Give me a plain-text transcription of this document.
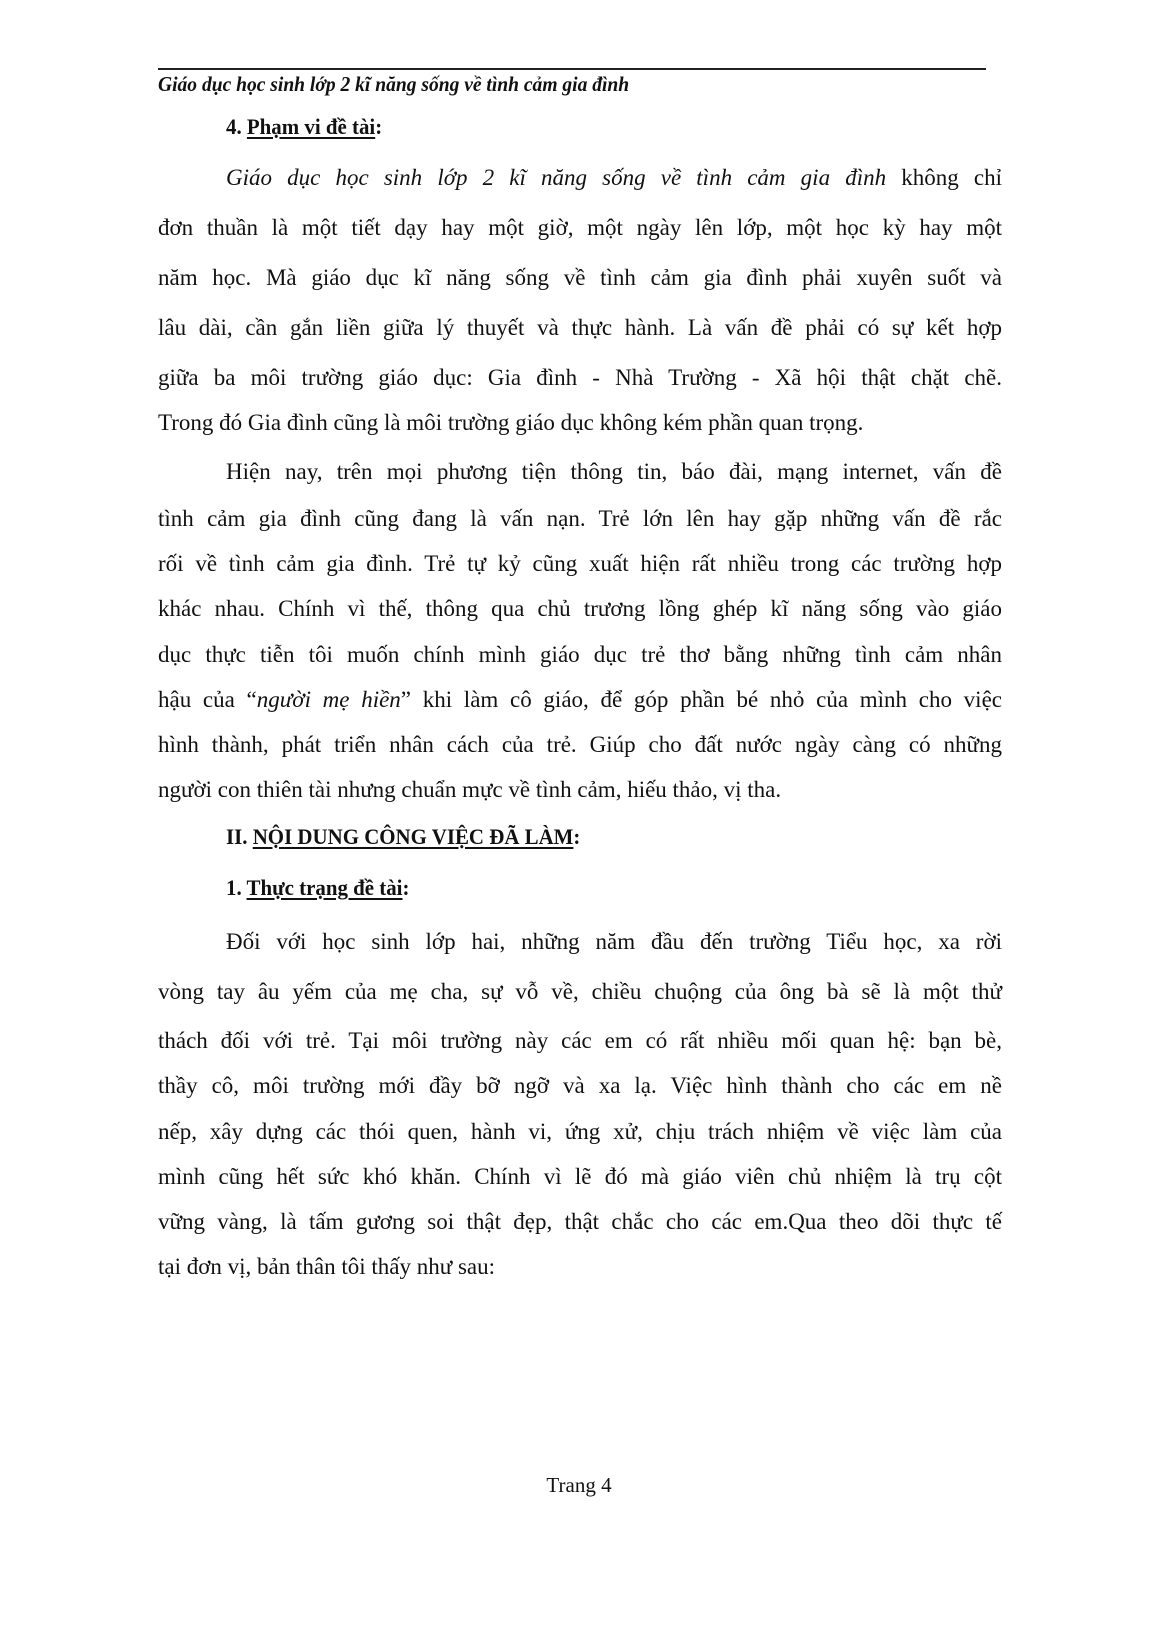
Giáo dục học sinh lớp 2 kĩ năng sống về tình cảm gia đình
4. Phạm vi đề tài:
Giáo dục học sinh lớp 2 kĩ năng sống về tình cảm gia đình không chỉ
đơn thuần là một tiết dạy hay một giờ, một ngày lên lớp, một học kỳ hay một
năm học. Mà giáo dục kĩ năng sống về tình cảm gia đình phải xuyên suốt và
lâu dài, cần gắn liền giữa lý thuyết và thực hành. Là vấn đề phải có sự kết hợp
giữa ba môi trường giáo dục: Gia đình - Nhà Trường - Xã hội thật chặt chẽ.
Trong đó Gia đình cũng là môi trường giáo dục không kém phần quan trọng.
Hiện nay, trên mọi phương tiện thông tin, báo đài, mạng internet, vấn đề
tình cảm gia đình cũng đang là vấn nạn. Trẻ lớn lên hay gặp những vấn đề rắc
rối về tình cảm gia đình. Trẻ tự kỷ cũng xuất hiện rất nhiều trong các trường hợp
khác nhau. Chính vì thế, thông qua chủ trương lồng ghép kĩ năng sống vào giáo
dục thực tiễn tôi muốn chính mình giáo dục trẻ thơ bằng những tình cảm nhân
hậu của “người mẹ hiền” khi làm cô giáo, để góp phần bé nhỏ của mình cho việc
hình thành, phát triển nhân cách của trẻ. Giúp cho đất nước ngày càng có những
người con thiên tài nhưng chuẩn mực về tình cảm, hiếu thảo, vị tha.
II. NỘI DUNG CÔNG VIỆC ĐÃ LÀM:
1. Thực trạng đề tài:
Đối với học sinh lớp hai, những năm đầu đến trường Tiểu học, xa rời
vòng tay âu yếm của mẹ cha, sự vỗ về, chiều chuộng của ông bà sẽ là một thử
thách đối với trẻ. Tại môi trường này các em có rất nhiều mối quan hệ: bạn bè,
thầy cô, môi trường mới đầy bỡ ngỡ và xa lạ. Việc hình thành cho các em nề
nếp, xây dựng các thói quen, hành vi, ứng xử, chịu trách nhiệm về việc làm của
mình cũng hết sức khó khăn. Chính vì lẽ đó mà giáo viên chủ nhiệm là trụ cột
vững vàng, là tấm gương soi thật đẹp, thật chắc cho các em.Qua theo dõi thực tế
tại đơn vị, bản thân tôi thấy như sau:
Trang 4
